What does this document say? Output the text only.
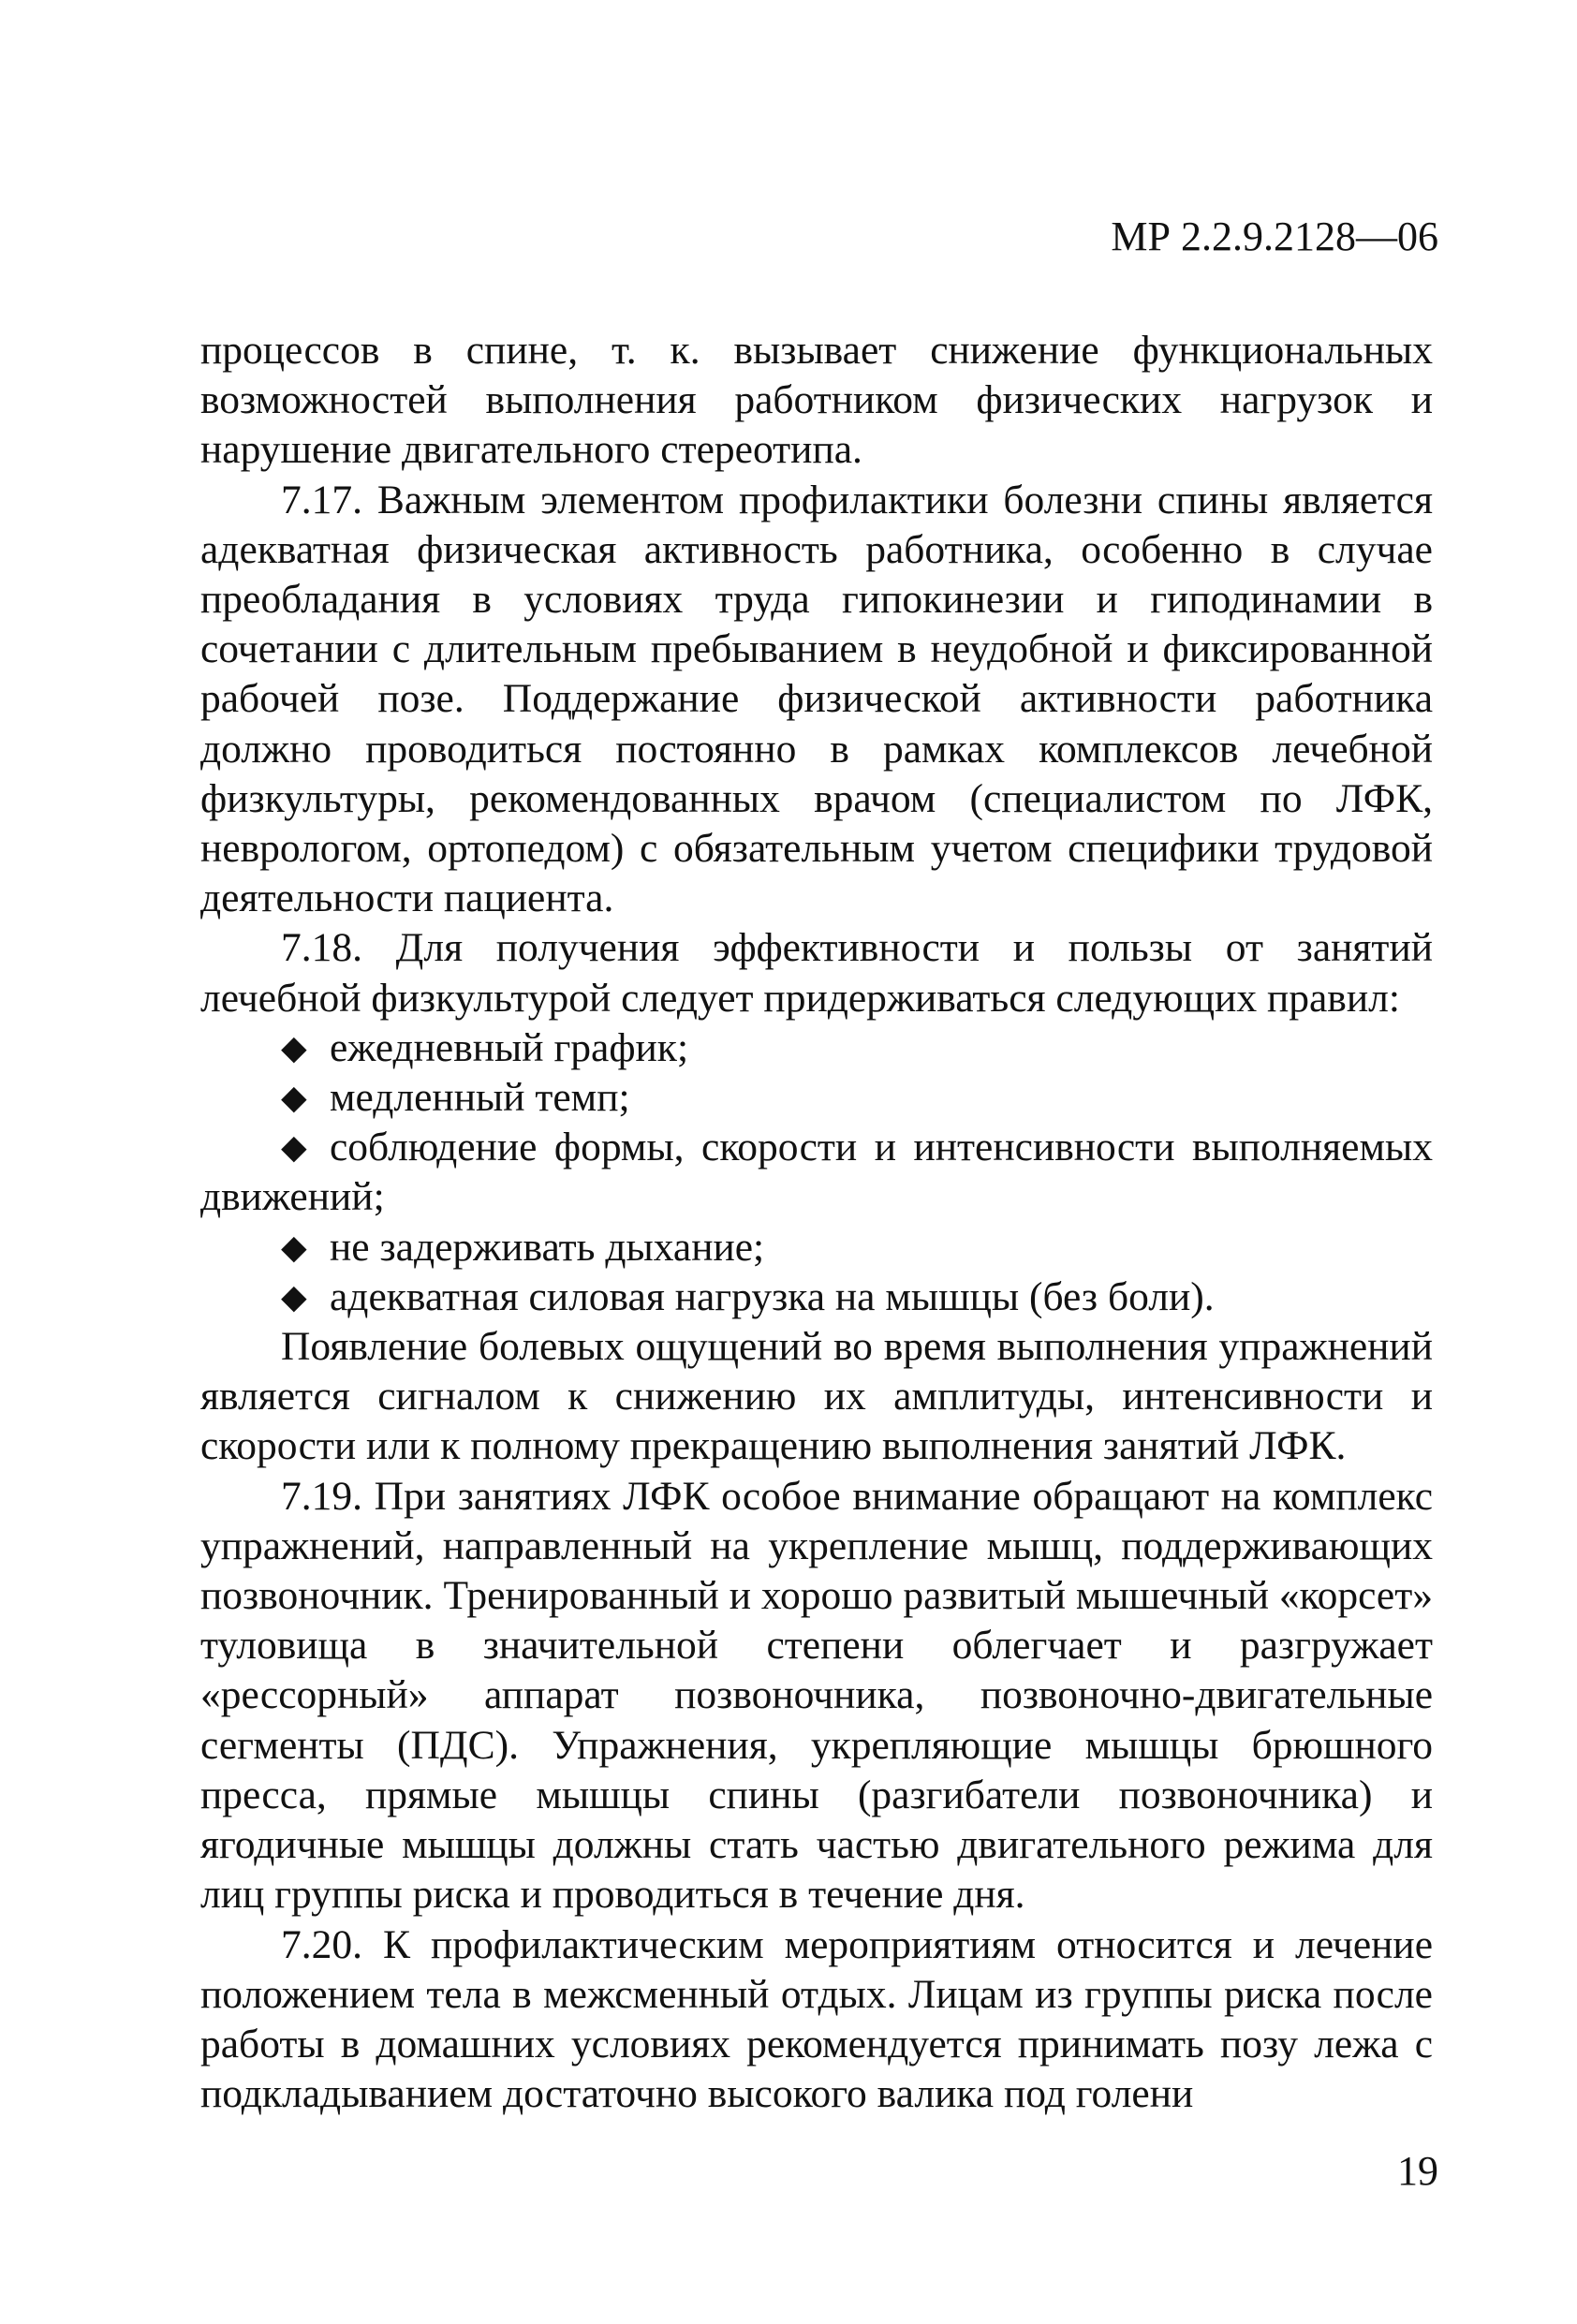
МР 2.2.9.2128—06

процессов в спине, т. к. вызывает снижение функциональных возможностей выполнения работником физических нагрузок и нарушение двигательного стереотипа.

7.17. Важным элементом профилактики болезни спины является адекватная физическая активность работника, особенно в случае преобладания в условиях труда гипокинезии и гиподинамии в сочетании с длительным пребыванием в неудобной и фиксированной рабочей позе. Поддержание физической активности работника должно проводиться постоянно в рамках комплексов лечебной физкультуры, рекомендованных врачом (специалистом по ЛФК, неврологом, ортопедом) с обязательным учетом специфики трудовой деятельности пациента.

7.18. Для получения эффективности и пользы от занятий лечебной физкультурой следует придерживаться следующих правил:

◆ ежедневный график;

◆ медленный темп;

◆ соблюдение формы, скорости и интенсивности выполняемых движений;

◆ не задерживать дыхание;

◆ адекватная силовая нагрузка на мышцы (без боли).

Появление болевых ощущений во время выполнения упражнений является сигналом к снижению их амплитуды, интенсивности и скорости или к полному прекращению выполнения занятий ЛФК.

7.19. При занятиях ЛФК особое внимание обращают на комплекс упражнений, направленный на укрепление мышц, поддерживающих позвоночник. Тренированный и хорошо развитый мышечный «корсет» туловища в значительной степени облегчает и разгружает «рессорный» аппарат позвоночника, позвоночно-двигательные сегменты (ПДС). Упражнения, укрепляющие мышцы брюшного пресса, прямые мышцы спины (разгибатели позвоночника) и ягодичные мышцы должны стать частью двигательного режима для лиц группы риска и проводиться в течение дня.

7.20. К профилактическим мероприятиям относится и лечение положением тела в межсменный отдых. Лицам из группы риска после работы в домашних условиях рекомендуется принимать позу лежа с подкладыванием достаточно высокого валика под голени

19
